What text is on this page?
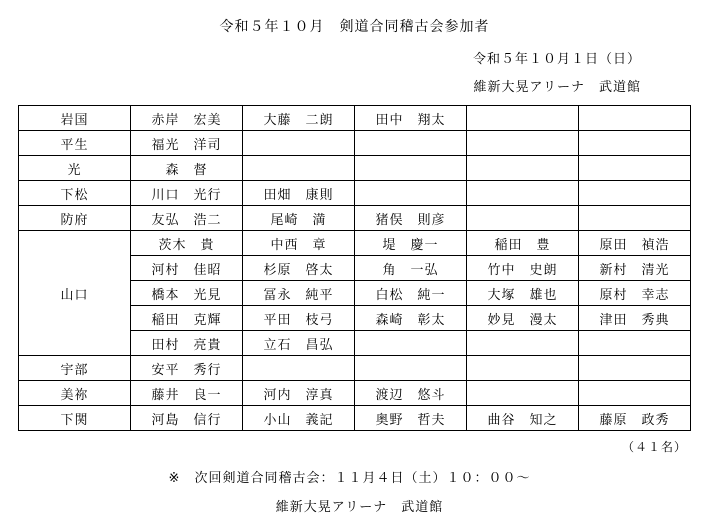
令和５年１０月　剣道合同稽古会参加者
令和５年１０月１日（日）
維新大晃アリーナ　武道館
岩国	赤岸　宏美	大藤　二朗	田中　翔太		
平生	福光　洋司				
光	森　督				
下松	川口　光行	田畑　康則			
防府	友弘　浩二	尾崎　満	猪俣　則彦		
山口	茨木　貴	中西　章	堤　慶一	稲田　豊	原田　禎浩
	河村　佳昭	杉原　啓太	角　一弘	竹中　史朗	新村　清光
	橋本　光見	冨永　純平	白松　純一	大塚　雄也	原村　幸志
	稲田　克輝	平田　枝弓	森崎　彰太	妙見　漫太	津田　秀典
	田村　亮貴	立石　昌弘			
宇部	安平　秀行				
美祢	藤井　良一	河内　淳真	渡辺　悠斗		
下関	河島　信行	小山　義記	奥野　哲夫	曲谷　知之	藤原　政秀
（４１名）
※　次回剣道合同稽古会：１１月４日（土）１０：００～
維新大晃アリーナ　武道館
